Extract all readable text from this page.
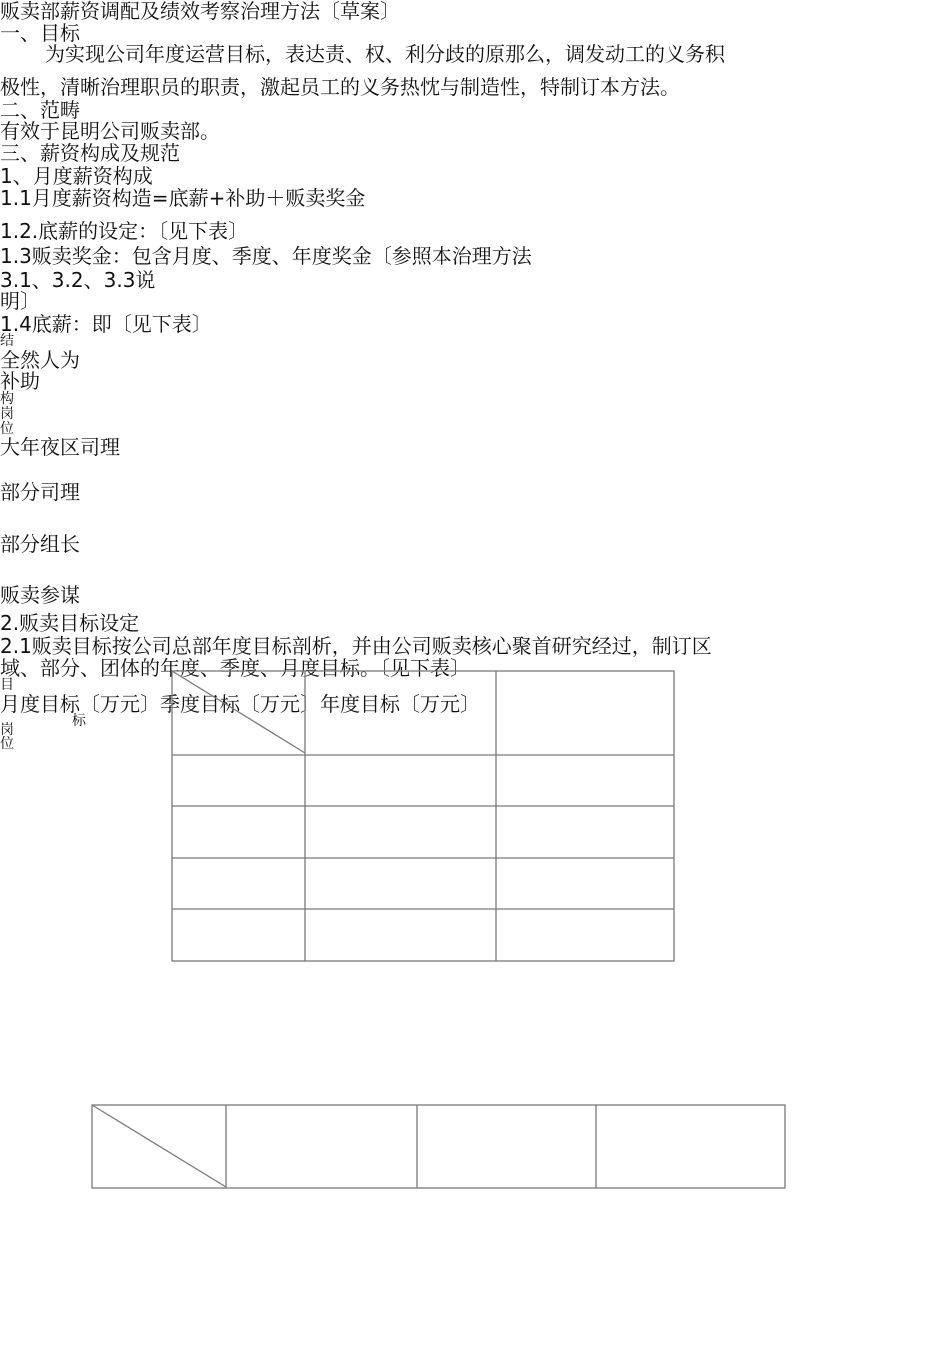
贩卖部薪资调配及绩效考察治理方法〔草案〕
一、目标
为实现公司年度运营目标，表达责、权、利分歧的原那么，调发动工的义务积
极性，清晰治理职员的职责，激起员工的义务热忱与制造性，特制订本方法。
二、范畴
有效于昆明公司贩卖部。
三、薪资构成及规范
1、月度薪资构成
1.1月度薪资构造=底薪+补助＋贩卖奖金
1.2.底薪的设定：〔见下表〕
1.3贩卖奖金：包含月度、季度、年度奖金〔参照本治理方法
3.1、3.2、3.3说
明〕
1.4底薪：即〔见下表〕
结
全然人为
补助
构
岗
位
大年夜区司理
部分司理
部分组长
贩卖参谋
2.贩卖目标设定
2.1贩卖目标按公司总部年度目标剖析，并由公司贩卖核心聚首研究经过，制订区
域、部分、团体的年度、季度、月度目标。〔见下表〕
目
月度目标〔万元〕季度目标〔万元〕年度目标〔万元〕
标
岗
位
